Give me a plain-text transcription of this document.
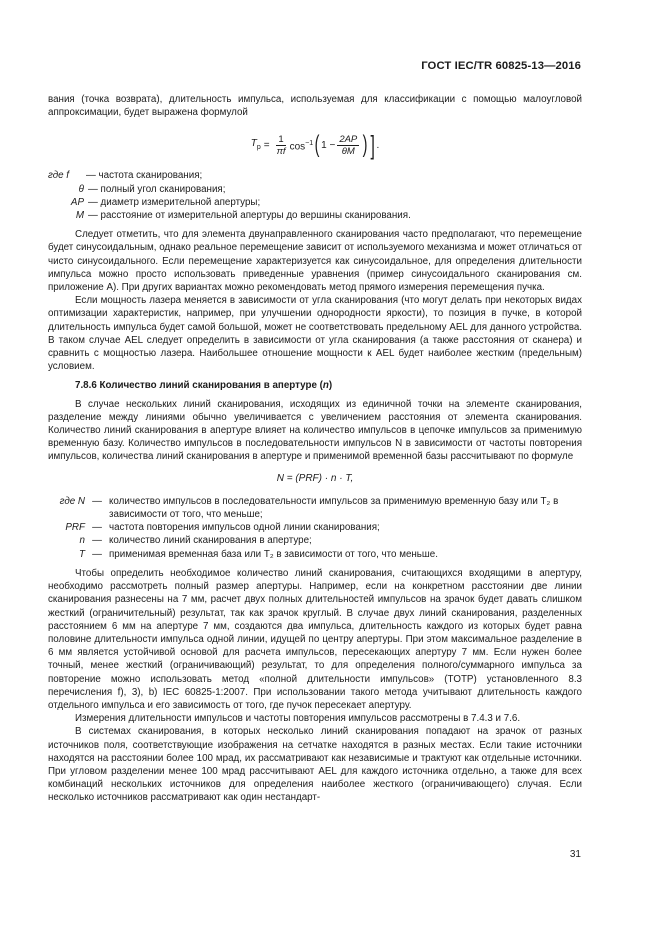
ГОСТ IEC/TR 60825-13—2016

вания (точка возврата), длительность импульса, используемая для классификации с помощью малоугловой аппроксимации, будет выражена формулой

$T_p = \frac{1}{\pi f} \cos^{-1}$ ( $1 - \frac{2AP}{\theta M}$ ) ] .
где f	— частота сканирования;
θ — полный угол сканирования;
AP — диаметр измерительной апертуры;
M — расстояние от измерительной апертуры до вершины сканирования.

Следует отметить, что для элемента двунаправленного сканирования часто предполагают, что перемещение будет синусоидальным, однако реальное перемещение зависит от используемого механизма и может отличаться от чисто синусоидального. Если перемещение характеризуется как синусоидальное, для определения длительности импульса можно просто использовать приведенные уравнения (пример синусоидального сканирования см. приложение А). При других вариантах можно рекомендовать метод прямого измерения перемещения пучка.

Если мощность лазера меняется в зависимости от угла сканирования (что могут делать при некоторых видах оптимизации характеристик, например, при улучшении однородности яркости), то позиция в пучке, в которой длительность импульса будет самой большой, может не соответствовать предельному AEL для данного устройства. В таком случае AEL следует определить в зависимости от угла сканирования (а также расстояния от сканера) и сравнить с мощностью лазера. Наибольшее отношение мощности к AEL будет наиболее жестким (предельным) условием.

7.8.6 Количество линий сканирования в апертуре (n)

В случае нескольких линий сканирования, исходящих из единичной точки на элементе сканирования, разделение между линиями обычно увеличивается с увеличением расстояния от элемента сканирования. Количество линий сканирования в апертуре влияет на количество импульсов в цепочке импульсов за применимую временную базу. Количество импульсов в последовательности импульсов N в зависимости от частоты повторения импульсов, количества линий сканирования в апертуре и применимой временной базы рассчитывают по формуле

N = (PRF) · n · T,
где N — количество импульсов в последовательности импульсов за применимую временную базу или T₂ в зависимости от того, что меньше;
PRF — частота повторения импульсов одной линии сканирования;
n — количество линий сканирования в апертуре;
T — применимая временная база или T₂ в зависимости от того, что меньше.

Чтобы определить необходимое количество линий сканирования, считающихся входящими в апертуру, необходимо рассмотреть полный размер апертуры. Например, если на конкретном расстоянии две линии сканирования разнесены на 7 мм, расчет двух полных длительностей импульсов на зрачок будет давать слишком жесткий (ограничительный) результат, так как зрачок круглый. В случае двух линий сканирования, разделенных расстоянием 6 мм на апертуре 7 мм, создаются два импульса, длительность каждого из которых будет равна половине длительности импульса одной линии, идущей по центру апертуры. При этом максимальное разделение в 6 мм является устойчивой основой для расчета импульсов, пересекающих апертуру 7 мм. Если нужен более точный, менее жесткий (ограничивающий) результат, то для определения полного/суммарного импульса за повторение можно использовать метод «полной длительности импульсов» (TOTP) установленного 8.3 перечисления f), 3), b) IEC 60825-1:2007. При использовании такого метода учитывают длительность каждого отдельного импульса и его зависимость от того, где пучок пересекает апертуру.

Измерения длительности импульсов и частоты повторения импульсов рассмотрены в 7.4.3 и 7.6.

В системах сканирования, в которых несколько линий сканирования попадают на зрачок от разных источников поля, соответствующие изображения на сетчатке находятся в разных местах. Если такие источники находятся на расстоянии более 100 мрад, их рассматривают как независимые и трактуют как отдельные источники. При угловом разделении менее 100 мрад рассчитывают AEL для каждого источника отдельно, а также для всех комбинаций нескольких источников для определения наиболее жесткого (ограничивающего) случая. Если несколько источников рассматривают как один нестандарт-

31
